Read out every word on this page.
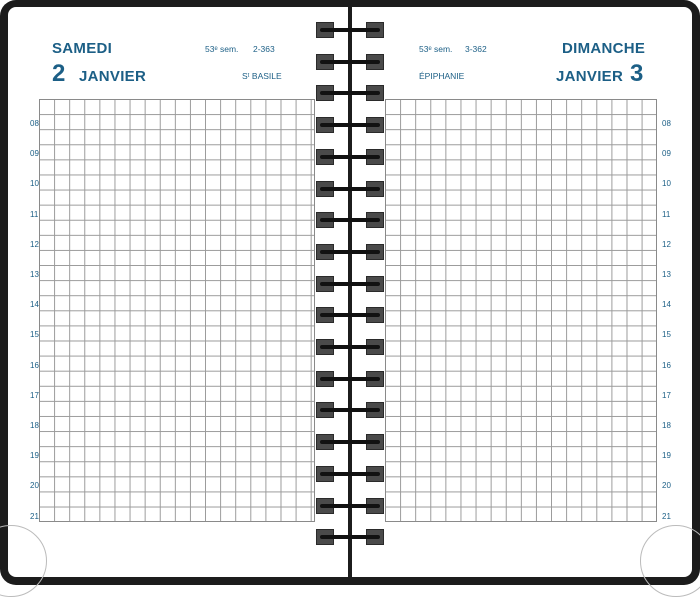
SAMEDI
2 JANVIER
53ᵉ sem. 2-363
Sᵗ BASILE
DIMANCHE
3
JANVIER
53ᵉ sem. 3-362
ÉPIPHANIE
08
09
10
11
12
13
14
15
16
17
18
19
20
21
08
09
10
11
12
13
14
15
16
17
18
19
20
21
